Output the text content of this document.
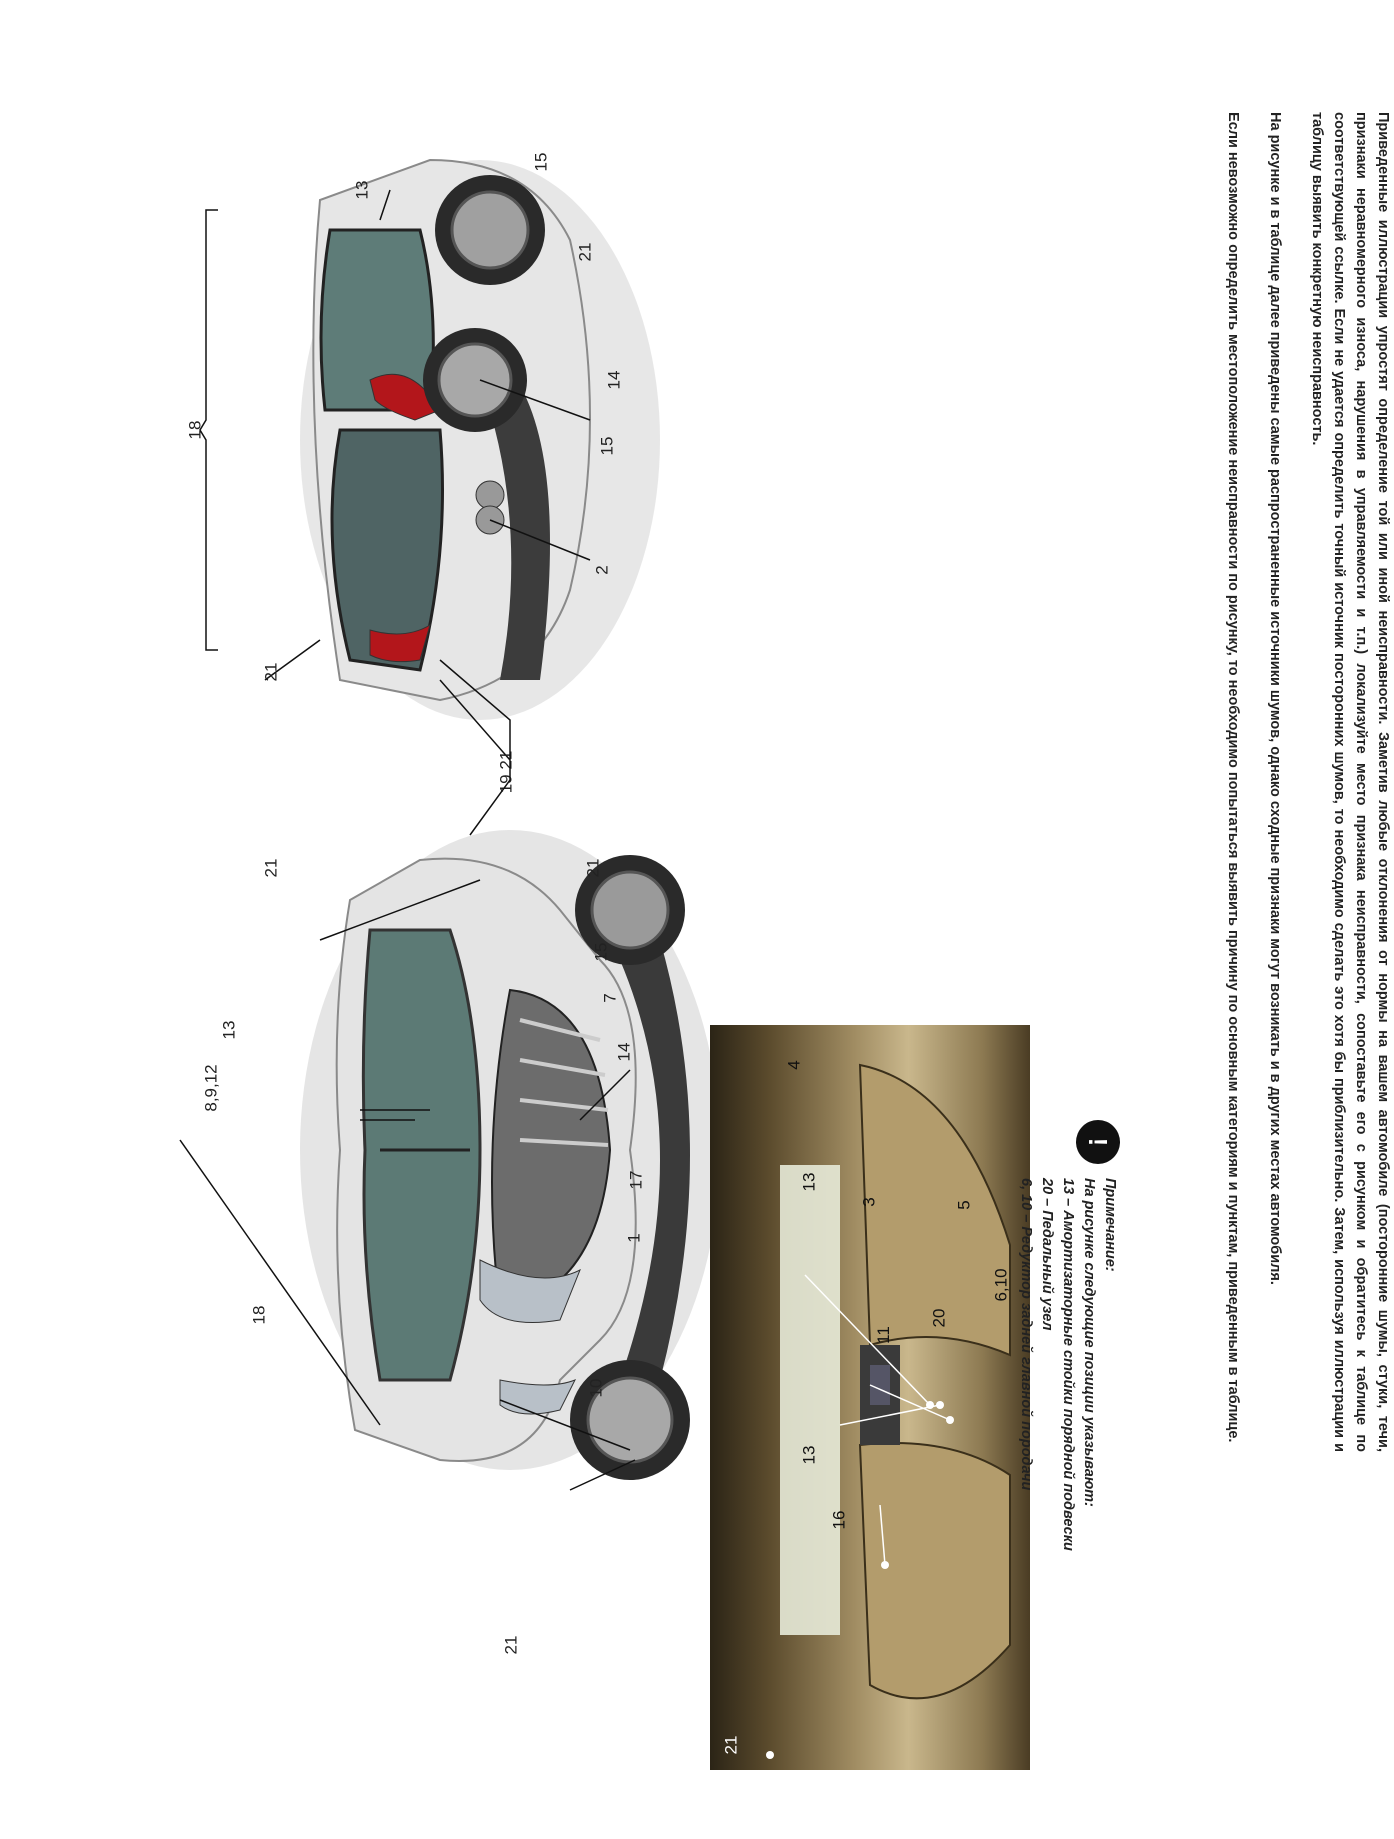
8,9,12
13
18
21	21
21
15
7
14
17
1
10
18
13
15
21
14
15
2
21
19 21
4
13
3	5
6,10
20
11
13
16
21

Приведенные иллюстрации упростят определение той или иной неисправности. Заметив любые отклонения от нормы на вашем автомобиле (посторонние шумы, стуки, течи, признаки неравномерного износа, нарушения в управляемости и т.п.) локализуйте место признака неисправности, сопоставьте его с рисунком и обратитесь к таблице по соответствующей ссылке. Если не удается определить точный источник посторонних шумов, то необходимо сделать это хотя бы приблизительно. Затем, используя иллюстрации и таблицу выявить конкретную неисправность.

На рисунке и в таблице далее приведены самые распространенные источники шумов, однако сходные признаки могут возникать и в других местах автомобиля.

Если невозможно определить местоположение неисправности по рисунку, то необходимо попытаться выявить причину по основным категориям и пунктам, приведенным в таблице.

!
Примечание:
На рисунке следующие позиции указывают:
13 – Амортизаторные стойки порядной подвески
20 – Педальный узел
6, 10 – Редуктор задней главной породачи
